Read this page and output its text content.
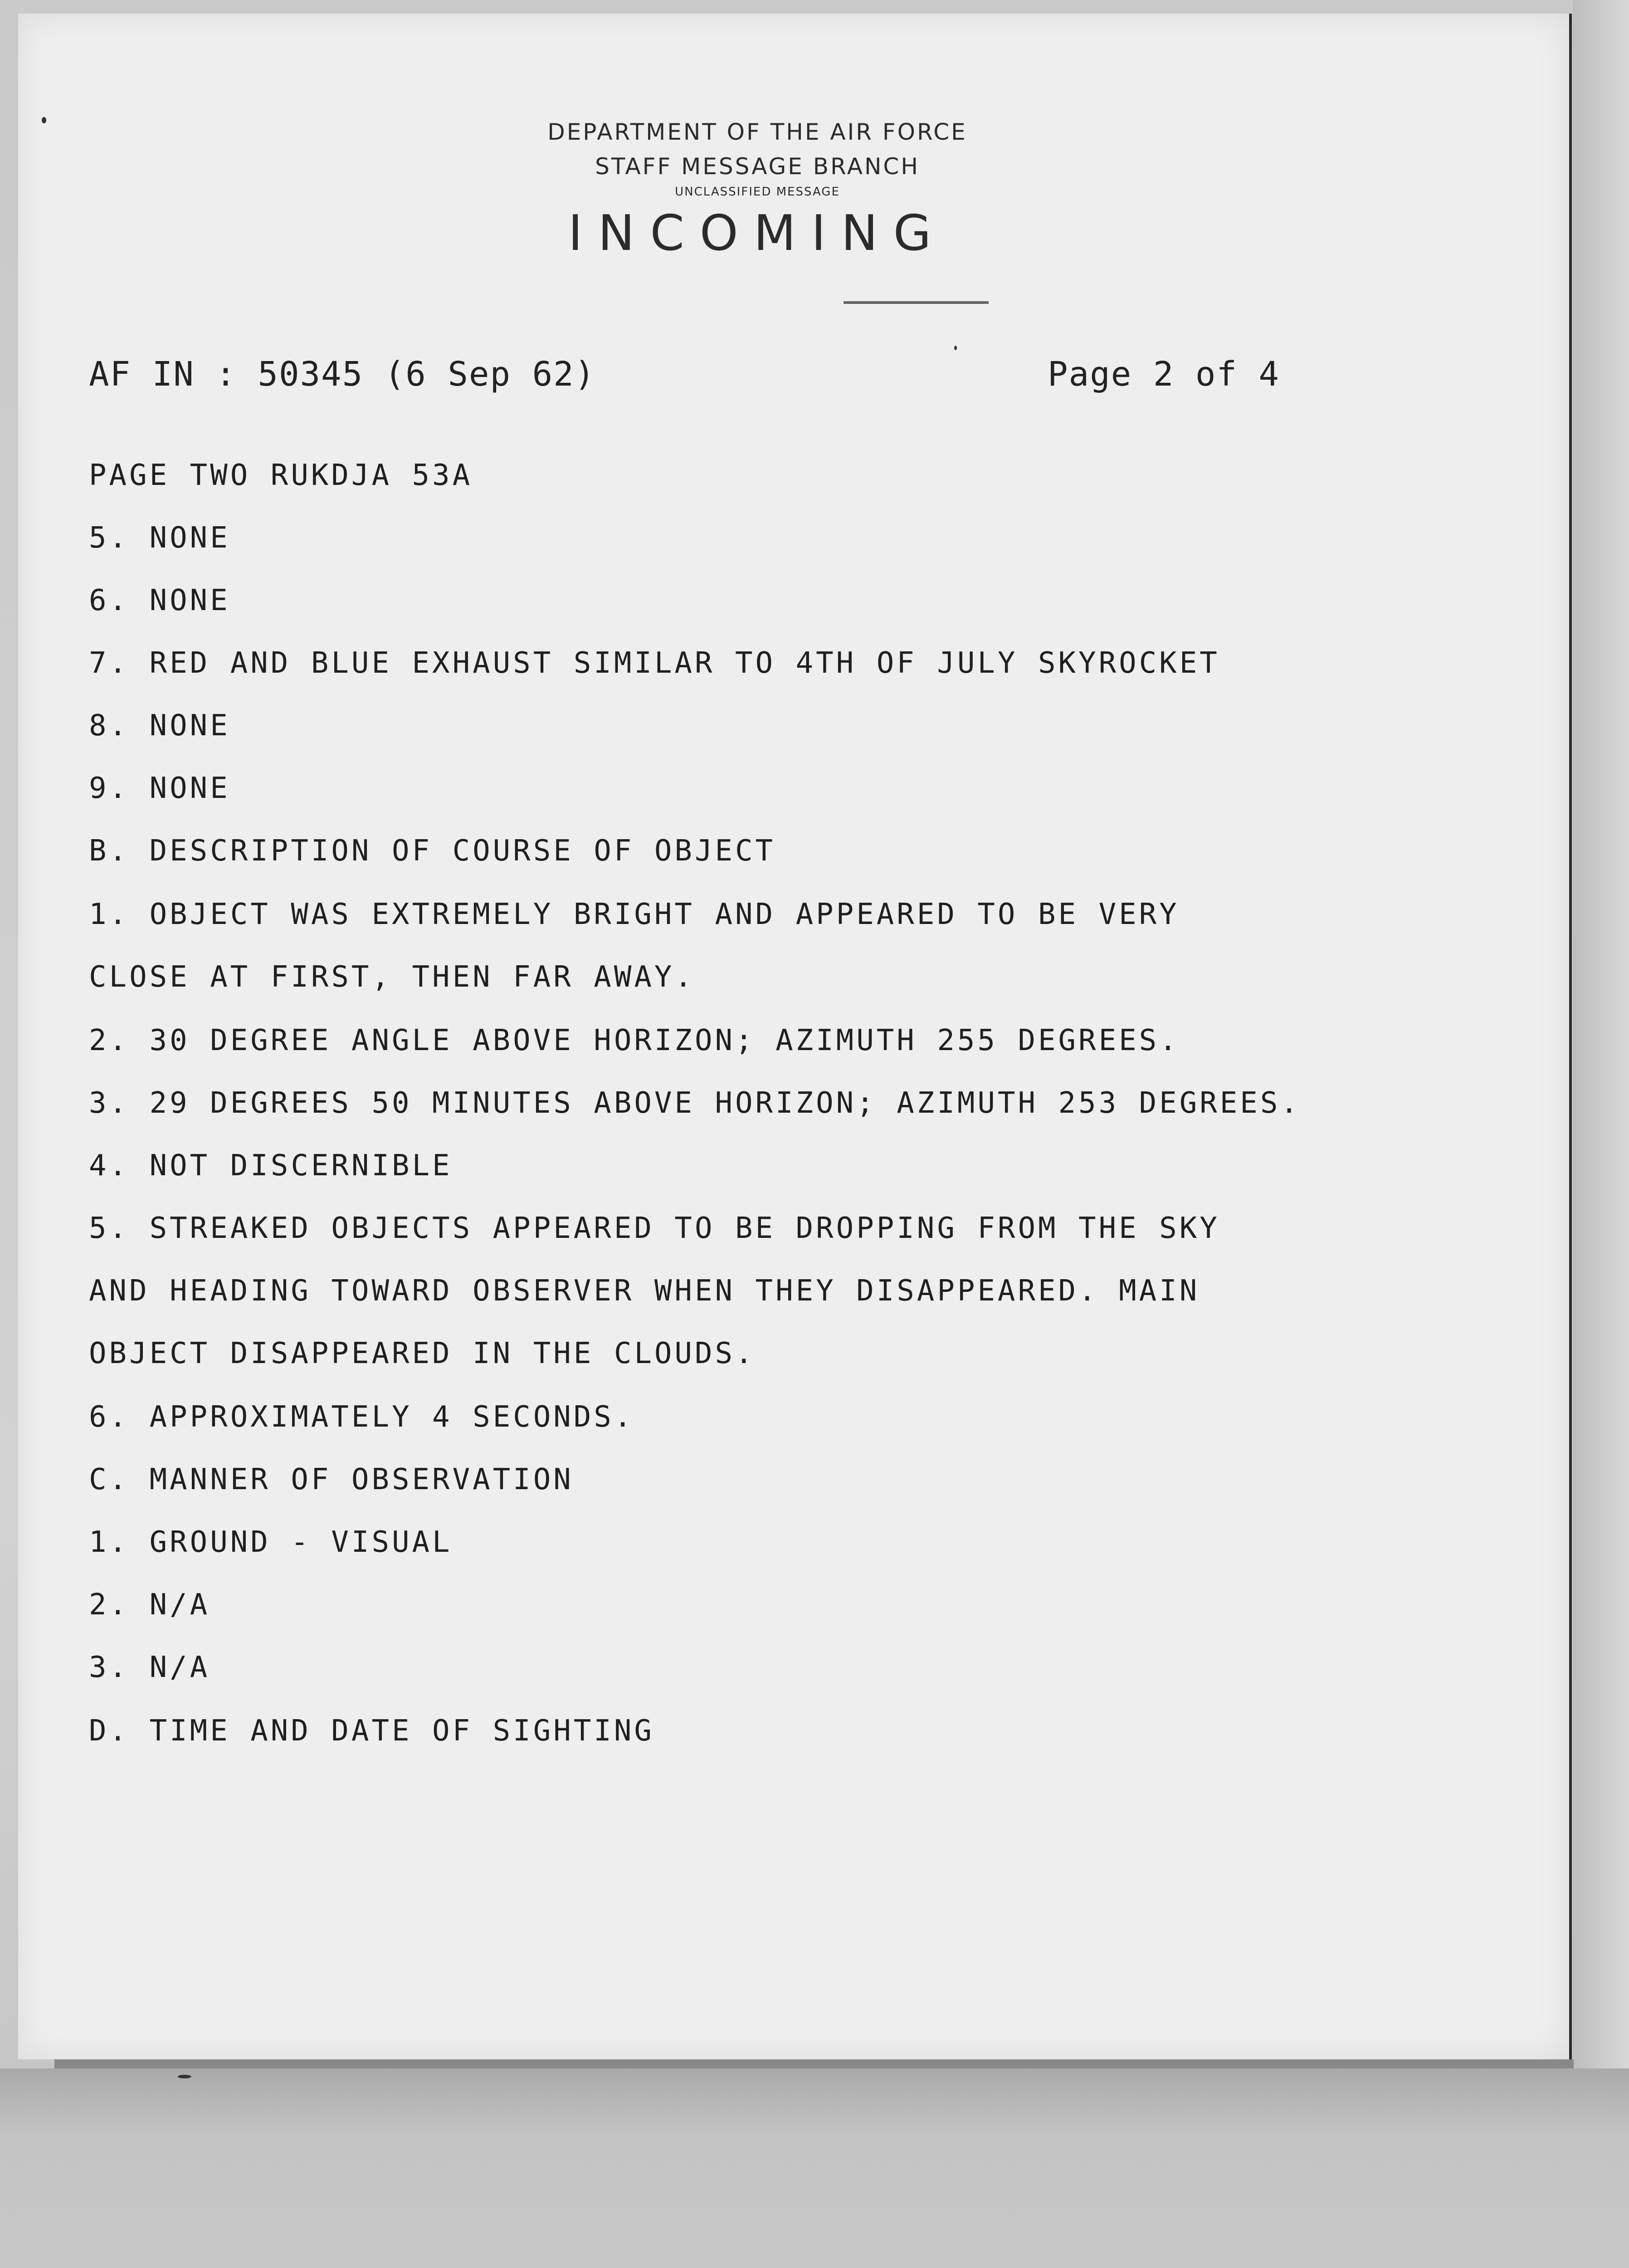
DEPARTMENT OF THE AIR FORCE
STAFF MESSAGE BRANCH
UNCLASSIFIED MESSAGE
INCOMING
AF IN : 50345 (6 Sep 62)	Page 2 of 4
PAGE TWO RUKDJA 53A
5. NONE
6. NONE
7. RED AND BLUE EXHAUST SIMILAR TO 4TH OF JULY SKYROCKET
8. NONE
9. NONE
B. DESCRIPTION OF COURSE OF OBJECT
1. OBJECT WAS EXTREMELY BRIGHT AND APPEARED TO BE VERY
CLOSE AT FIRST, THEN FAR AWAY.
2. 30 DEGREE ANGLE ABOVE HORIZON; AZIMUTH 255 DEGREES.
3. 29 DEGREES 50 MINUTES ABOVE HORIZON; AZIMUTH 253 DEGREES.
4. NOT DISCERNIBLE
5. STREAKED OBJECTS APPEARED TO BE DROPPING FROM THE SKY
AND HEADING TOWARD OBSERVER WHEN THEY DISAPPEARED. MAIN
OBJECT DISAPPEARED IN THE CLOUDS.
6. APPROXIMATELY 4 SECONDS.
C. MANNER OF OBSERVATION
1. GROUND - VISUAL
2. N/A
3. N/A
D. TIME AND DATE OF SIGHTING
